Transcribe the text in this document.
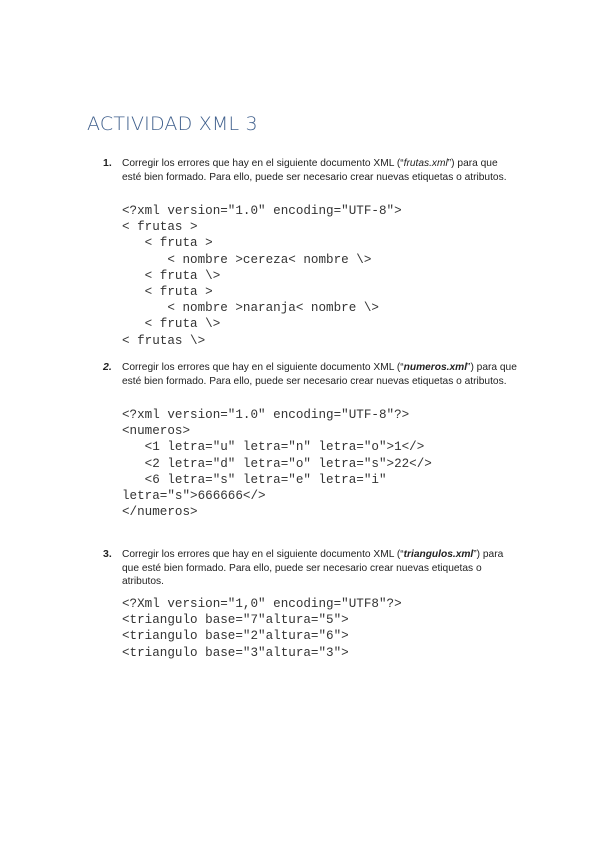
ACTIVIDAD XML 3
1. Corregir los errores que hay en el siguiente documento XML (“frutas.xml”) para que esté bien formado. Para ello, puede ser necesario crear nuevas etiquetas o atributos.
<?xml version="1.0" encoding="UTF-8">
< frutas >
< fruta >
< nombre >cereza< nombre \>
< fruta \>
< fruta >
< nombre >naranja< nombre \>
< fruta \>
< frutas \>
2. Corregir los errores que hay en el siguiente documento XML (“numeros.xml”) para que esté bien formado. Para ello, puede ser necesario crear nuevas etiquetas o atributos.
<?xml version="1.0" encoding="UTF-8"?>
<numeros>
<1 letra="u" letra="n" letra="o">1</>
<2 letra="d" letra="o" letra="s">22</>
<6 letra="s" letra="e" letra="i"
letra="s">666666</>
</numeros>
3. Corregir los errores que hay en el siguiente documento XML (“triangulos.xml”) para que esté bien formado. Para ello, puede ser necesario crear nuevas etiquetas o atributos.
<?Xml version="1,0" encoding="UTF8"?>
<triangulo base="7"altura="5">
<triangulo base="2"altura="6">
<triangulo base="3"altura="3">
